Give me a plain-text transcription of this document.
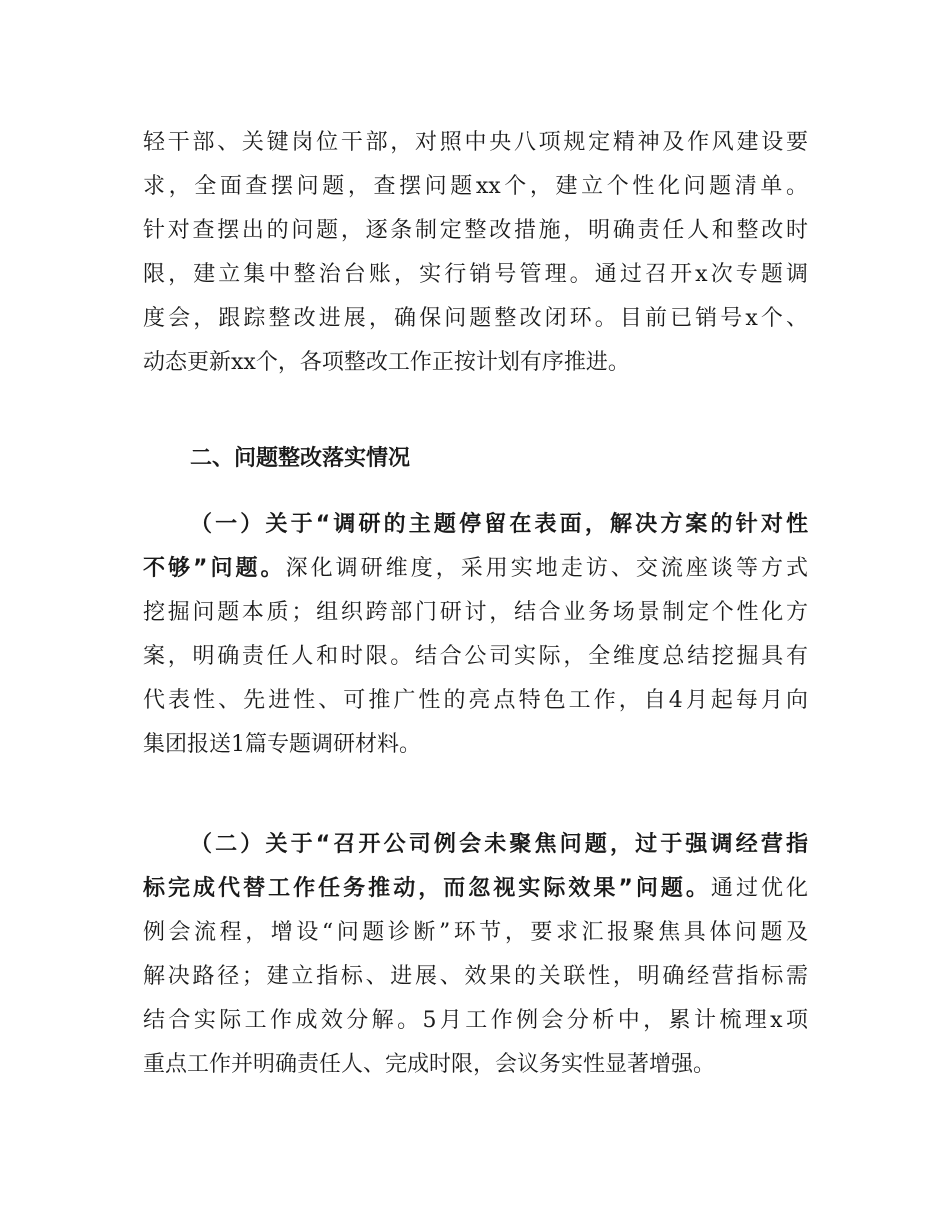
轻干部、关键岗位干部，对照中央八项规定精神及作风建设要
求，全面查摆问题，查摆问题xx个，建立个性化问题清单。
针对查摆出的问题，逐条制定整改措施，明确责任人和整改时
限，建立集中整治台账，实行销号管理。通过召开x次专题调
度会，跟踪整改进展，确保问题整改闭环。目前已销号x个、
动态更新xx个，各项整改工作正按计划有序推进。
二、问题整改落实情况
（一）关于“调研的主题停留在表面，解决方案的针对性
不够”问题。深化调研维度，采用实地走访、交流座谈等方式
挖掘问题本质；组织跨部门研讨，结合业务场景制定个性化方
案，明确责任人和时限。结合公司实际，全维度总结挖掘具有
代表性、先进性、可推广性的亮点特色工作，自4月起每月向
集团报送1篇专题调研材料。
（二）关于“召开公司例会未聚焦问题，过于强调经营指
标完成代替工作任务推动，而忽视实际效果”问题。通过优化
例会流程，增设“问题诊断”环节，要求汇报聚焦具体问题及
解决路径；建立指标、进展、效果的关联性，明确经营指标需
结合实际工作成效分解。5月工作例会分析中，累计梳理x项
重点工作并明确责任人、完成时限，会议务实性显著增强。
